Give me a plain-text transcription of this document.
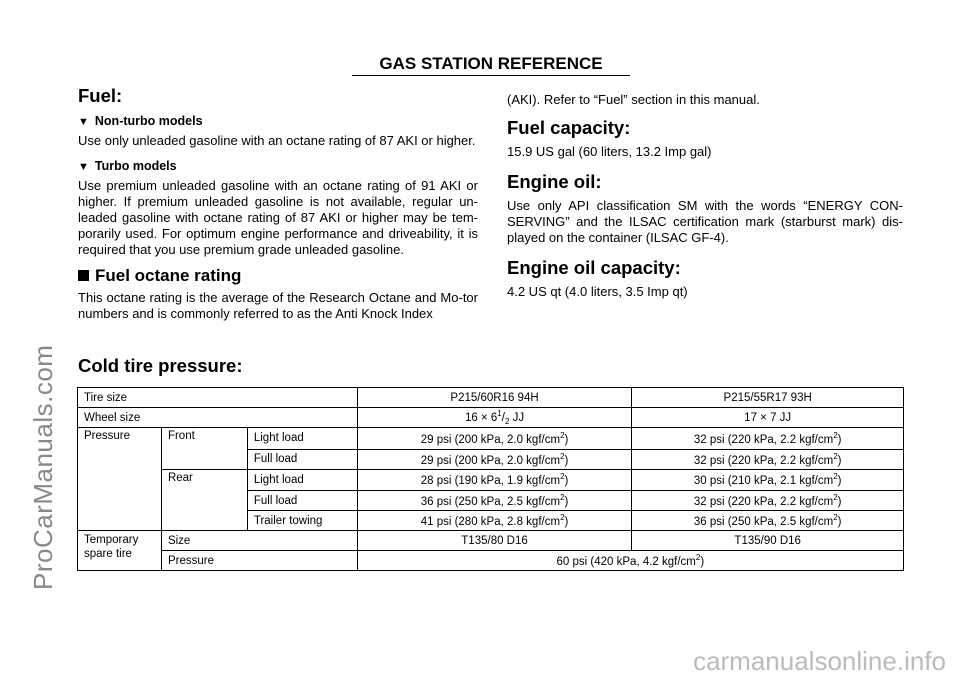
ProCarManuals.com
carmanualsonline.info
GAS STATION REFERENCE
Fuel:
▼ Non-turbo models

Use only unleaded gasoline with an octane rating of 87 AKI or higher.

▼ Turbo models

Use premium unleaded gasoline with an octane rating of 91 AKI or higher. If premium unleaded gasoline is not available, regular un-leaded gasoline with octane rating of 87 AKI or higher may be tem-porarily used. For optimum engine performance and driveability, it is required that you use premium grade unleaded gasoline.

Fuel octane rating

This octane rating is the average of the Research Octane and Mo-tor numbers and is commonly referred to as the Anti Knock Index

(AKI). Refer to “Fuel” section in this manual.

Fuel capacity:

15.9 US gal (60 liters, 13.2 Imp gal)

Engine oil:

Use only API classification SM with the words “ENERGY CON-SERVING” and the ILSAC certification mark (starburst mark) dis-played on the container (ILSAC GF-4).

Engine oil capacity:

4.2 US qt (4.0 liters, 3.5 Imp qt)

Cold tire pressure:
Tire size			P215/60R16 94H	P215/55R17 93H
Wheel size			$16 \times 6^1/_2$ JJ	17 × 7 JJ
Pressure	Front	Light load	29 psi (200 kPa, 2.0 kgf/$cm^2$)	32 psi (220 kPa, 2.2 kgf/$cm^2$)
		Full load	29 psi (200 kPa, 2.0 kgf/$cm^2$)	32 psi (220 kPa, 2.2 kgf/$cm^2$)
	Rear	Light load	28 psi (190 kPa, 1.9 kgf/$cm^2$)	30 psi (210 kPa, 2.1 kgf/$cm^2$)
		Full load	36 psi (250 kPa, 2.5 kgf/$cm^2$)	32 psi (220 kPa, 2.2 kgf/$cm^2$)
		Trailer towing	41 psi (280 kPa, 2.8 kgf/$cm^2$)	36 psi (250 kPa, 2.5 kgf/$cm^2$)
Temporary spare tire	Size		T135/80 D16	T135/90 D16
	Pressure		60 psi (420 kPa, 4.2 kgf/$cm^2$)	
